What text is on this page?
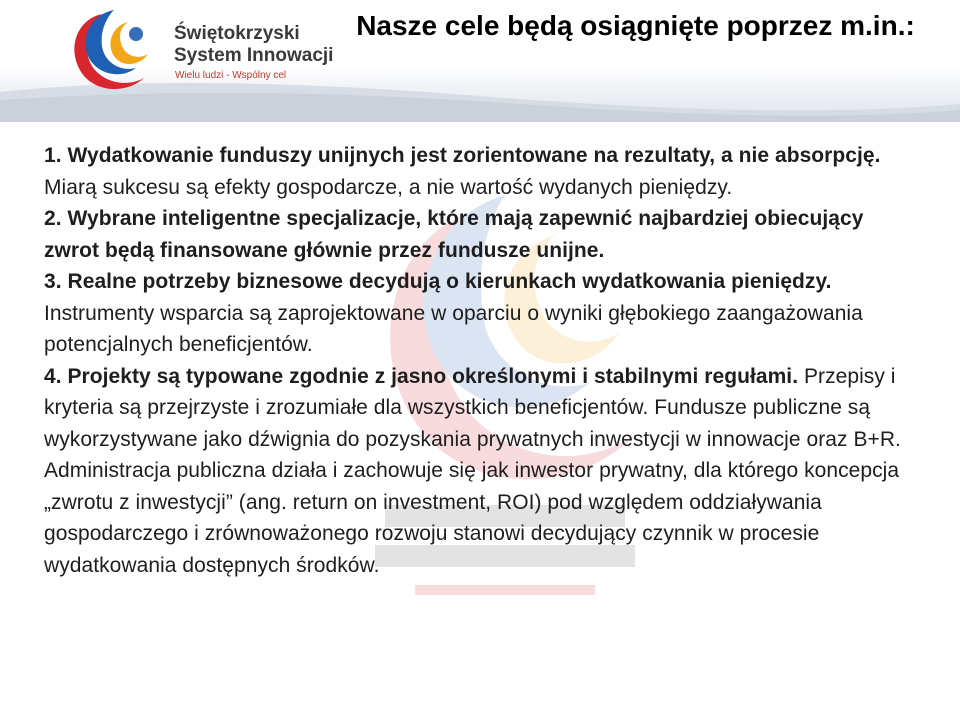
Świętokrzyski
System Innowacji
Wielu ludzi - Wspólny cel
Nasze cele będą osiągnięte poprzez m.in.:

1. Wydatkowanie funduszy unijnych jest zorientowane na rezultaty, a nie absorpcję. Miarą sukcesu są efekty gospodarcze, a nie wartość wydanych pieniędzy.

2. Wybrane inteligentne specjalizacje, które mają zapewnić najbardziej obiecujący zwrot będą finansowane głównie przez fundusze unijne.

3. Realne potrzeby biznesowe decydują o kierunkach wydatkowania pieniędzy. Instrumenty wsparcia są zaprojektowane w oparciu o wyniki głębokiego zaangażowania potencjalnych beneficjentów.

4. Projekty są typowane zgodnie z jasno określonymi i stabilnymi regułami. Przepisy i kryteria są przejrzyste i zrozumiałe dla wszystkich beneficjentów. Fundusze publiczne są wykorzystywane jako dźwignia do pozyskania prywatnych inwestycji w innowacje oraz B+R. Administracja publiczna działa i zachowuje się jak inwestor prywatny, dla którego koncepcja „zwrotu z inwestycji” (ang. return on investment, ROI) pod względem oddziaływania gospodarczego i zrównoważonego rozwoju stanowi decydujący czynnik w procesie wydatkowania dostępnych środków.
